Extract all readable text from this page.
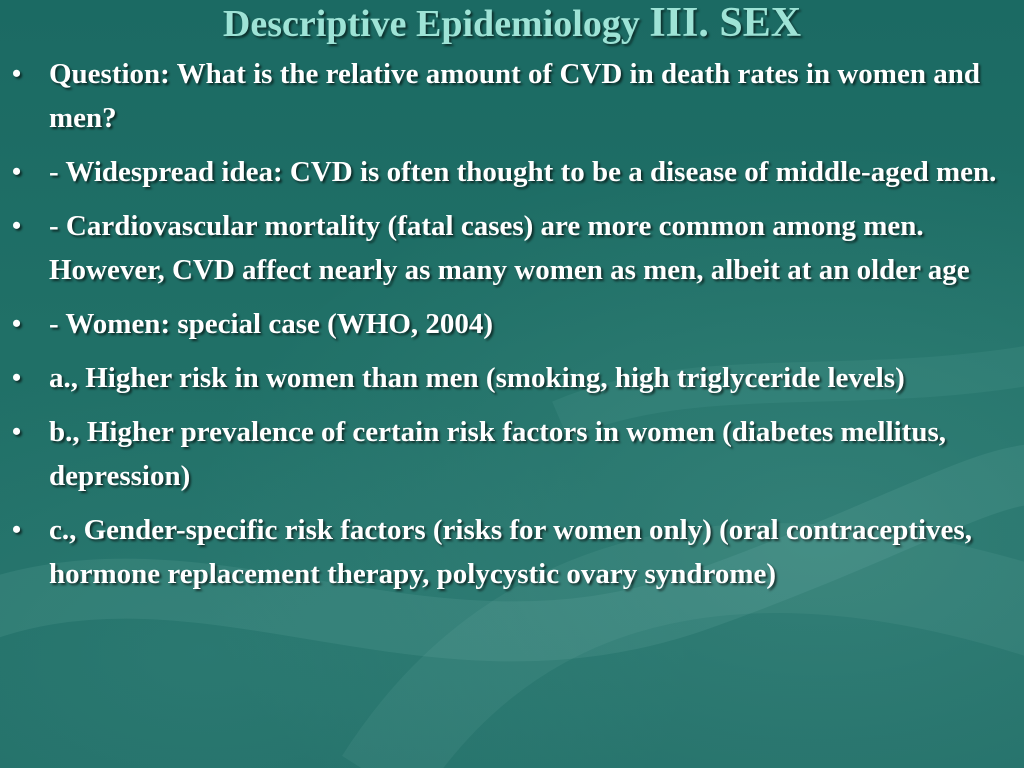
Descriptive Epidemiology III. SEX
• Question: What is the relative amount of CVD in death rates in women and men?
• - Widespread idea: CVD is often thought to be a disease of middle-aged men.
• - Cardiovascular mortality (fatal cases) are more common among men. However, CVD affect nearly as many women as men, albeit at an older age
• - Women: special case (WHO, 2004)
• a., Higher risk in women than men (smoking, high triglyceride levels)
• b., Higher prevalence of certain risk factors in women (diabetes mellitus, depression)
• c., Gender-specific risk factors (risks for women only) (oral contraceptives, hormone replacement therapy, polycystic ovary syndrome)
